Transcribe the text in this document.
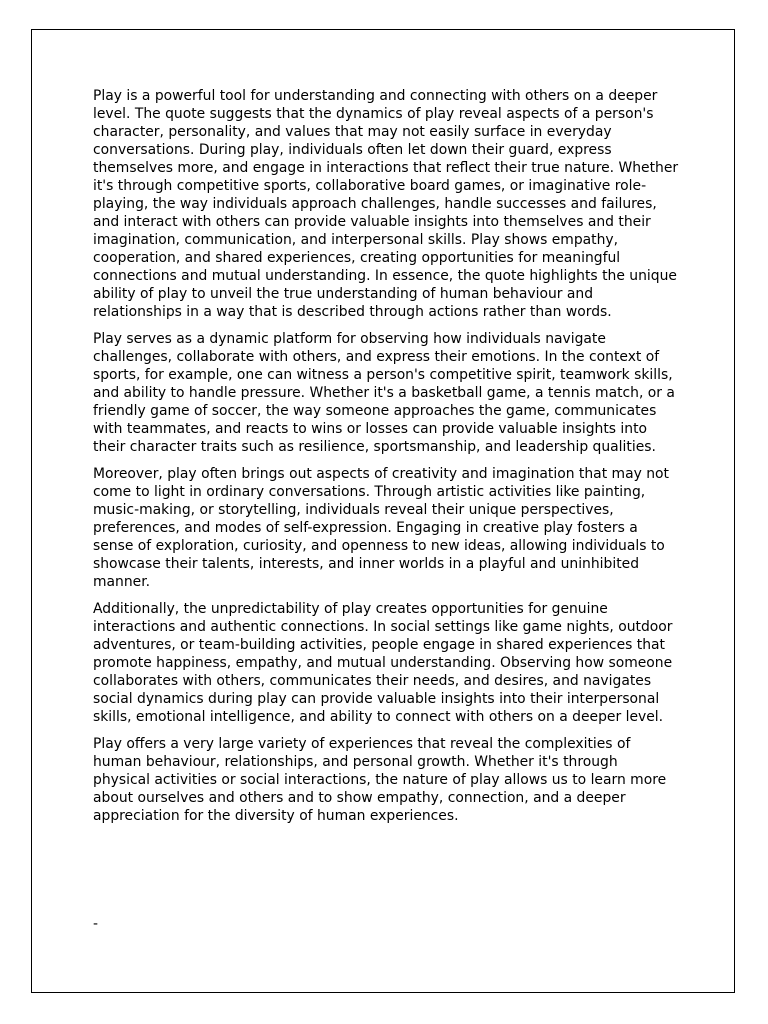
Play is a powerful tool for understanding and connecting with others on a deeper level. The quote suggests that the dynamics of play reveal aspects of a person's character, personality, and values that may not easily surface in everyday conversations. During play, individuals often let down their guard, express themselves more, and engage in interactions that reflect their true nature. Whether it's through competitive sports, collaborative board games, or imaginative role-playing, the way individuals approach challenges, handle successes and failures, and interact with others can provide valuable insights into themselves and their imagination, communication, and interpersonal skills. Play shows empathy, cooperation, and shared experiences, creating opportunities for meaningful connections and mutual understanding. In essence, the quote highlights the unique ability of play to unveil the true understanding of human behaviour and relationships in a way that is described through actions rather than words.

Play serves as a dynamic platform for observing how individuals navigate challenges, collaborate with others, and express their emotions. In the context of sports, for example, one can witness a person's competitive spirit, teamwork skills, and ability to handle pressure. Whether it's a basketball game, a tennis match, or a friendly game of soccer, the way someone approaches the game, communicates with teammates, and reacts to wins or losses can provide valuable insights into their character traits such as resilience, sportsmanship, and leadership qualities.

Moreover, play often brings out aspects of creativity and imagination that may not come to light in ordinary conversations. Through artistic activities like painting, music-making, or storytelling, individuals reveal their unique perspectives, preferences, and modes of self-expression. Engaging in creative play fosters a sense of exploration, curiosity, and openness to new ideas, allowing individuals to showcase their talents, interests, and inner worlds in a playful and uninhibited manner.

Additionally, the unpredictability of play creates opportunities for genuine interactions and authentic connections. In social settings like game nights, outdoor adventures, or team-building activities, people engage in shared experiences that promote happiness, empathy, and mutual understanding. Observing how someone collaborates with others, communicates their needs, and desires, and navigates social dynamics during play can provide valuable insights into their interpersonal skills, emotional intelligence, and ability to connect with others on a deeper level.

Play offers a very large variety of experiences that reveal the complexities of human behaviour, relationships, and personal growth. Whether it's through physical activities or social interactions, the nature of play allows us to learn more about ourselves and others and to show empathy, connection, and a deeper appreciation for the diversity of human experiences.

-
